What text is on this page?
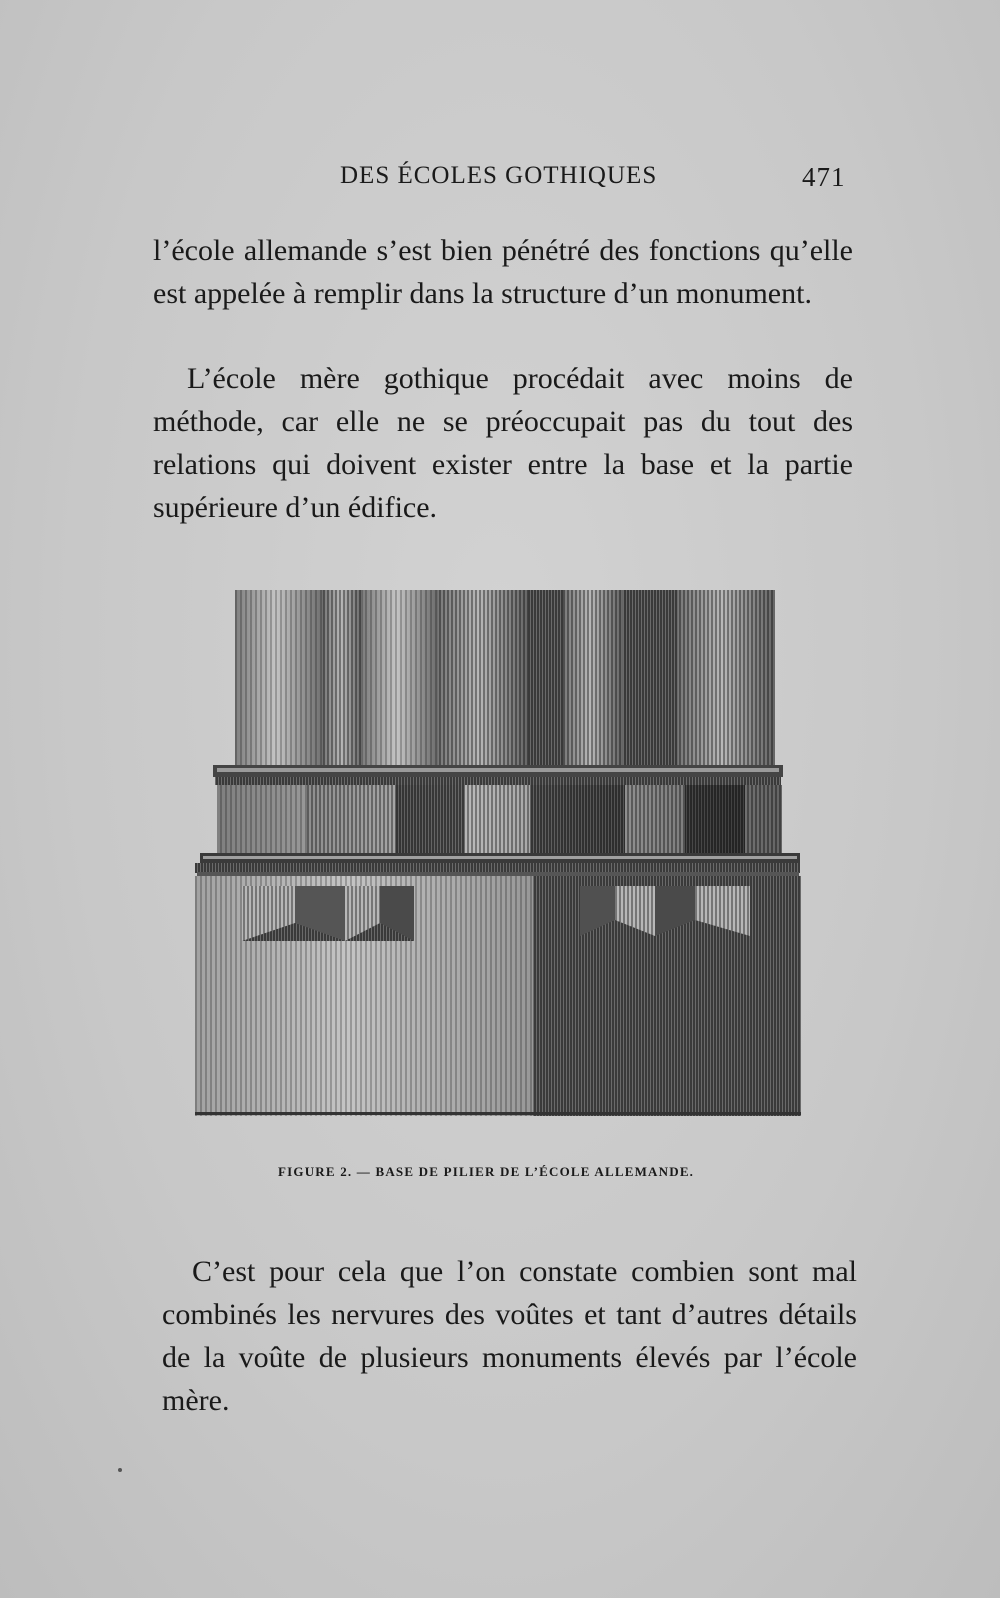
DES ÉCOLES GOTHIQUES	471

l’école allemande s’est bien pénétré des fonctions qu’elle est appelée à remplir dans la structure d’un monument.

L’école mère gothique procédait avec moins de méthode, car elle ne se préoccupait pas du tout des relations qui doivent exister entre la base et la partie supérieure d’un édifice.

FIGURE 2. — BASE DE PILIER DE L’ÉCOLE ALLEMANDE.

C’est pour cela que l’on constate combien sont mal combinés les nervures des voûtes et tant d’autres détails de la voûte de plusieurs monuments élevés par l’école mère.
